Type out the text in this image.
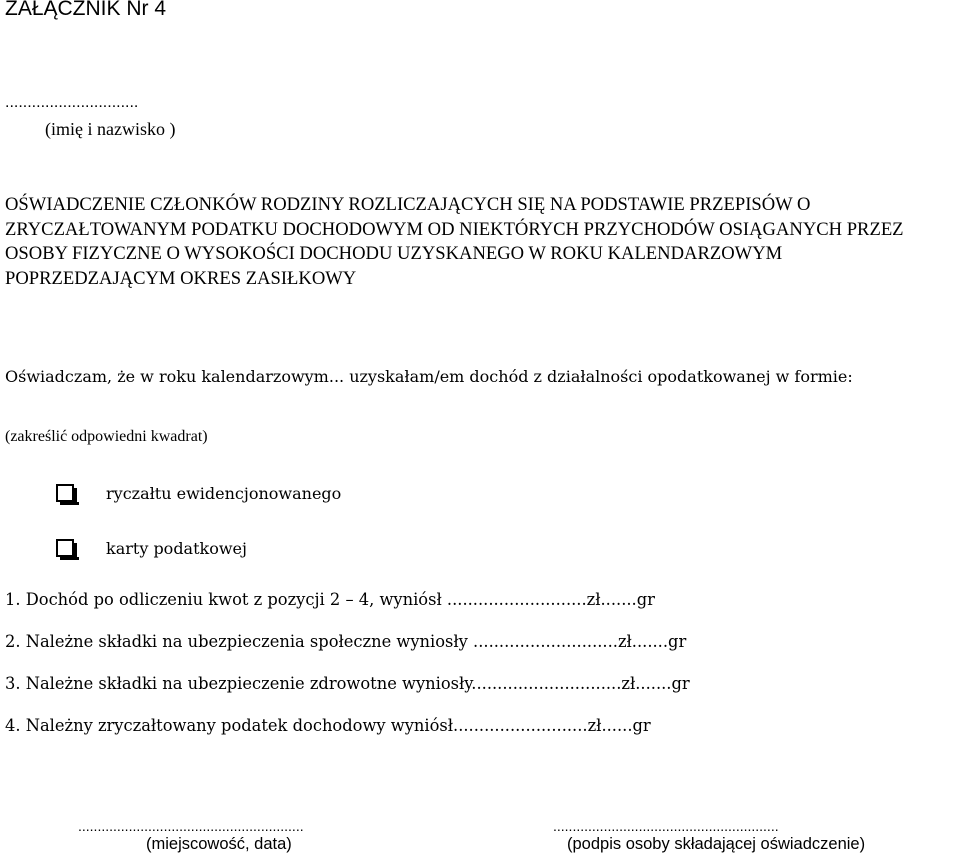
ZAŁĄCZNIK Nr 4
..............................
(imię i nazwisko )
OŚWIADCZENIE CZŁONKÓW RODZINY ROZLICZAJĄCYCH SIĘ NA PODSTAWIE PRZEPISÓW O ZRYCZAŁTOWANYM PODATKU DOCHODOWYM OD NIEKTÓRYCH PRZYCHODÓW OSIĄGANYCH PRZEZ OSOBY FIZYCZNE O WYSOKOŚCI DOCHODU UZYSKANEGO W ROKU KALENDARZOWYM POPRZEDZAJĄCYM OKRES ZASIŁKOWY
Oświadczam, że w roku kalendarzowym... uzyskałam/em dochód z działalności opodatkowanej w formie:
(zakreślić odpowiedni kwadrat)
ryczałtu ewidencjonowanego
karty podatkowej
1. Dochód po odliczeniu kwot z pozycji 2 – 4, wyniósł ...........................zł.......gr
2. Należne składki na ubezpieczenia społeczne wyniosły ............................zł.......gr
3. Należne składki na ubezpieczenie zdrowotne wyniosły.............................zł.......gr
4. Należny zryczałtowany podatek dochodowy wyniósł..........................zł......gr
..........................................................
(miejscowość, data)
..........................................................
(podpis osoby składającej oświadczenie)
